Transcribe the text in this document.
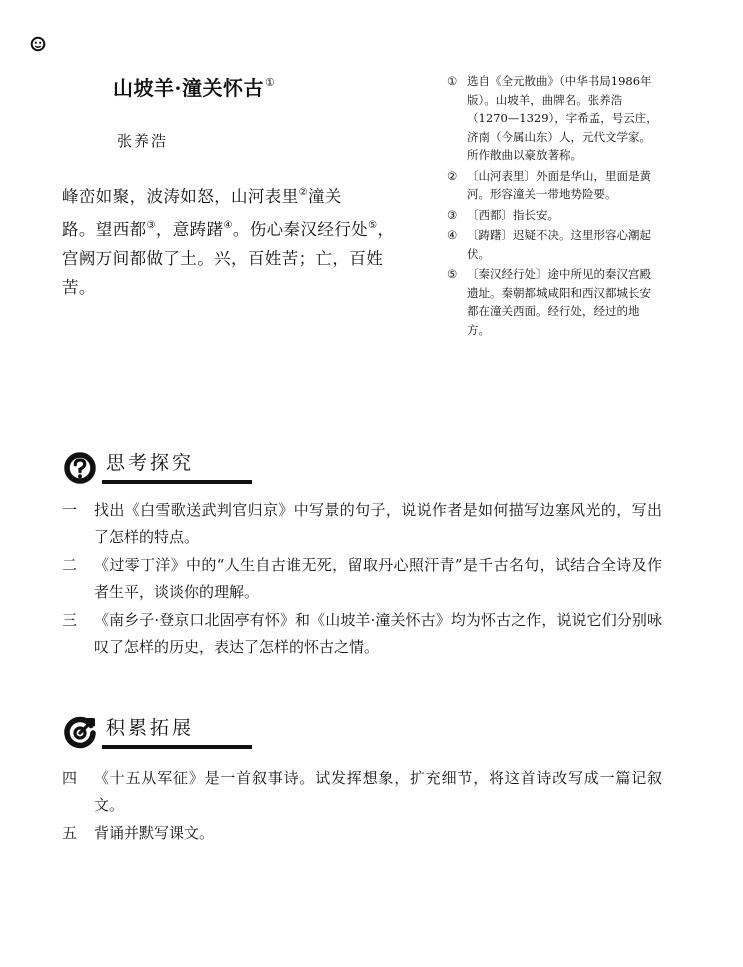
山坡羊·潼关怀古①
张养浩
峰峦如聚，波涛如怒，山河表里②潼关
路。望西都③，意踌躇④。伤心秦汉经行处⑤，
宫阙万间都做了土。兴，百姓苦；亡，百姓
苦。
① 选自《全元散曲》（中华书局1986年版）。山坡羊，曲牌名。张养浩（1270—1329），字希孟，号云庄，济南（今属山东）人，元代文学家。所作散曲以豪放著称。
② 〔山河表里〕外面是华山，里面是黄河。形容潼关一带地势险要。
③ 〔西都〕指长安。
④ 〔踌躇〕迟疑不决。这里形容心潮起伏。
⑤ 〔秦汉经行处〕途中所见的秦汉宫殿遗址。秦朝都城咸阳和西汉都城长安都在潼关西面。经行处，经过的地方。
思考探究
一	找出《白雪歌送武判官归京》中写景的句子，说说作者是如何描写边塞风光的，写出了怎样的特点。
二	《过零丁洋》中的“人生自古谁无死，留取丹心照汗青”是千古名句，试结合全诗及作者生平，谈谈你的理解。
三	《南乡子·登京口北固亭有怀》和《山坡羊·潼关怀古》均为怀古之作，说说它们分别咏叹了怎样的历史，表达了怎样的怀古之情。
积累拓展
四	《十五从军征》是一首叙事诗。试发挥想象，扩充细节，将这首诗改写成一篇记叙文。
五	背诵并默写课文。
